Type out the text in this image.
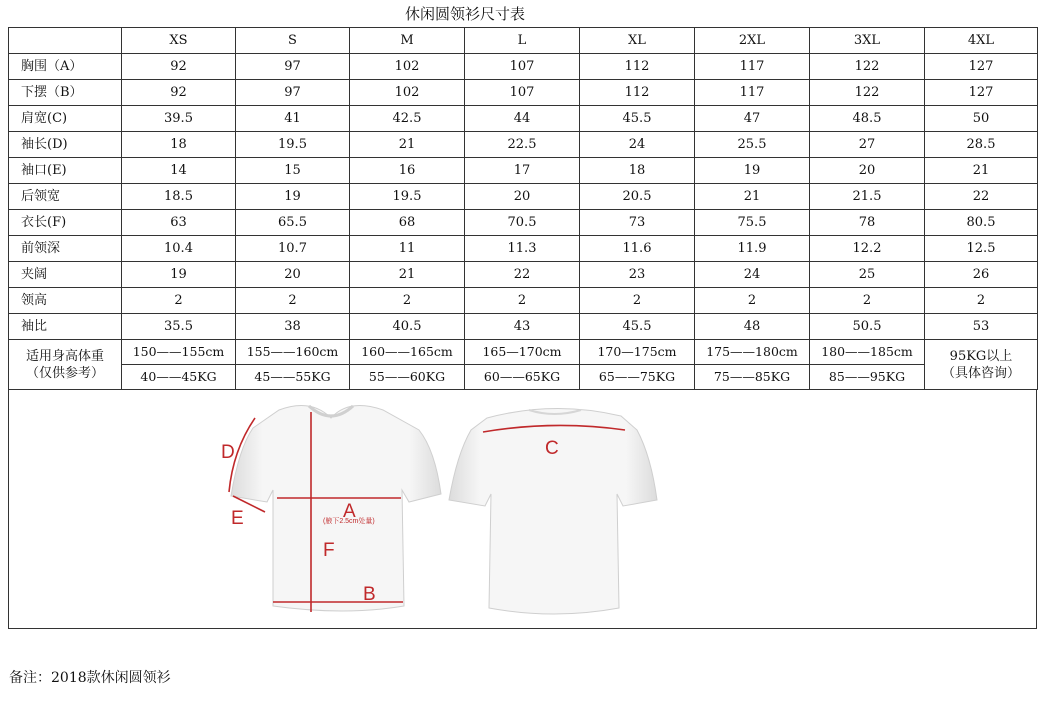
休闲圆领衫尺寸表
	XS	S	M	L	XL	2XL	3XL	4XL
胸围（A）	92	97	102	107	112	117	122	127
下摆（B）	92	97	102	107	112	117	122	127
肩宽(C)	39.5	41	42.5	44	45.5	47	48.5	50
袖长(D)	18	19.5	21	22.5	24	25.5	27	28.5
袖口(E)	14	15	16	17	18	19	20	21
后领宽	18.5	19	19.5	20	20.5	21	21.5	22
衣长(F)	63	65.5	68	70.5	73	75.5	78	80.5
前领深	10.4	10.7	11	11.3	11.6	11.9	12.2	12.5
夹阔	19	20	21	22	23	24	25	26
领高	2	2	2	2	2	2	2	2
袖比	35.5	38	40.5	43	45.5	48	50.5	53
适用身高体重
（仅供参考）	150——155cm	155——160cm	160——165cm	165—170cm	170—175cm	175——180cm	180——185cm	95KG以上
（具体咨询）
	40——45KG	45——55KG	55——60KG	60——65KG	65——75KG	75——85KG	85——95KG	
D
E	A
F
B
C
(腋下2.5cm处量)
备注：2018款休闲圆领衫
